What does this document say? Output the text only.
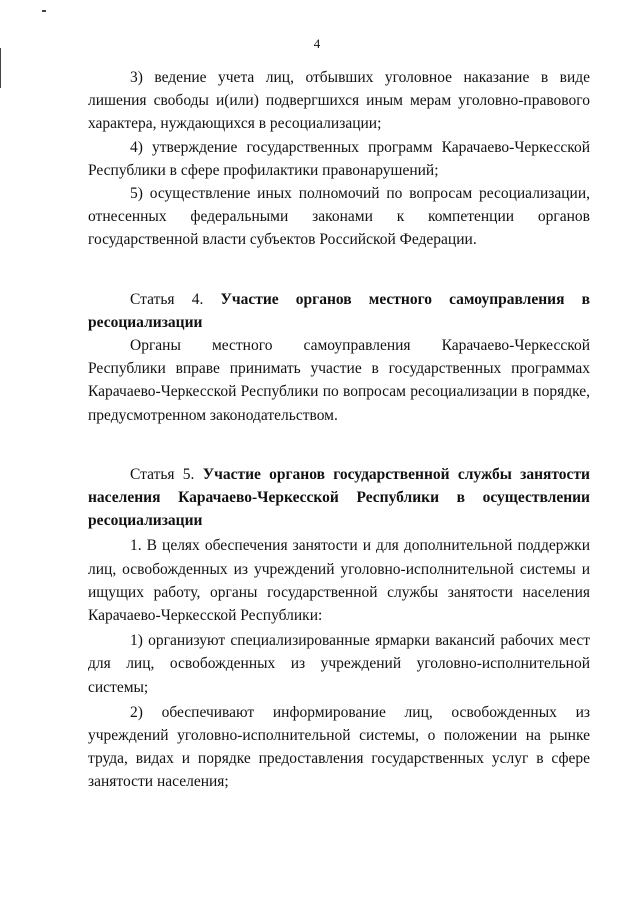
4

3) ведение учета лиц, отбывших уголовное наказание в виде лишения свободы и(или) подвергшихся иным мерам уголовно-правового характера, нуждающихся в ресоциализации;

4) утверждение государственных программ Карачаево-Черкесской Республики в сфере профилактики правонарушений;

5) осуществление иных полномочий по вопросам ресоциализации, отнесенных федеральными законами к компетенции органов государственной власти субъектов Российской Федерации.

Статья 4. Участие органов местного самоуправления в ресоциализации

Органы местного самоуправления Карачаево-Черкесской Республики вправе принимать участие в государственных программах Карачаево-Черкесской Республики по вопросам ресоциализации в порядке, предусмотренном законодательством.

Статья 5. Участие органов государственной службы занятости населения Карачаево-Черкесской Республики в осуществлении ресоциализации

1. В целях обеспечения занятости и для дополнительной поддержки лиц, освобожденных из учреждений уголовно-исполнительной системы и ищущих работу, органы государственной службы занятости населения Карачаево-Черкесской Республики:

1) организуют специализированные ярмарки вакансий рабочих мест для лиц, освобожденных из учреждений уголовно-исполнительной системы;

2) обеспечивают информирование лиц, освобожденных из учреждений уголовно-исполнительной системы, о положении на рынке труда, видах и порядке предоставления государственных услуг в сфере занятости населения;
